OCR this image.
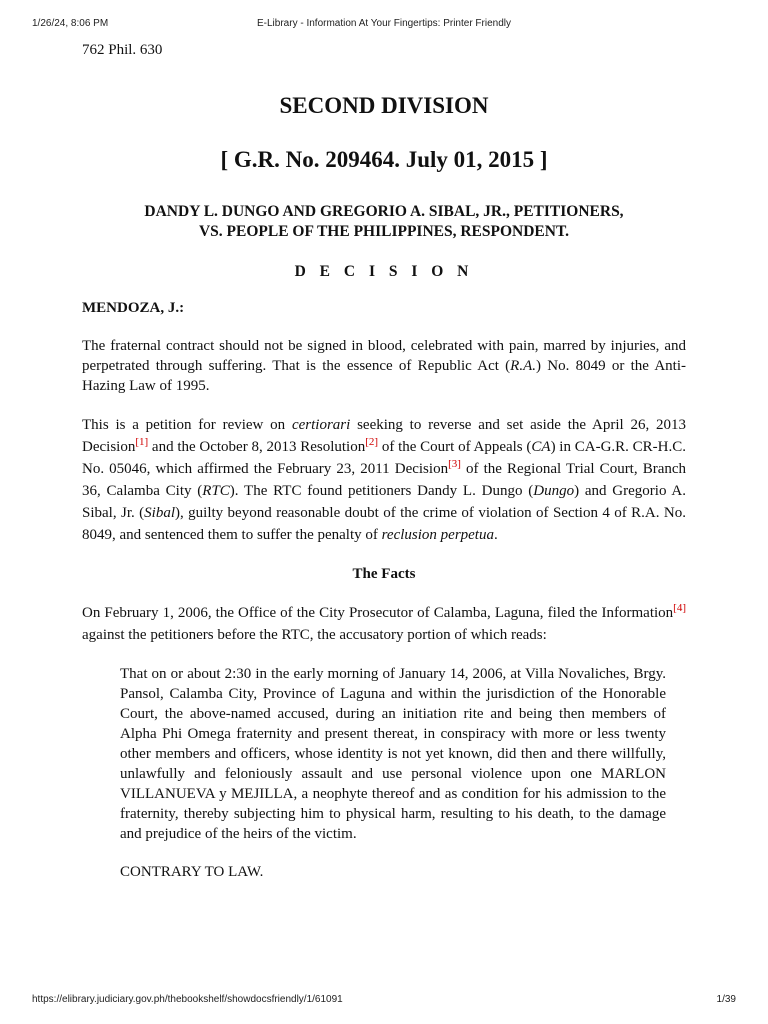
1/26/24, 8:06 PM	E-Library - Information At Your Fingertips: Printer Friendly
762 Phil. 630
SECOND DIVISION
[ G.R. No. 209464. July 01, 2015 ]
DANDY L. DUNGO AND GREGORIO A. SIBAL, JR., PETITIONERS,
VS. PEOPLE OF THE PHILIPPINES, RESPONDENT.
D E C I S I O N
MENDOZA, J.:

The fraternal contract should not be signed in blood, celebrated with pain, marred by injuries, and perpetrated through suffering. That is the essence of Republic Act (R.A.) No. 8049 or the Anti-Hazing Law of 1995.

This is a petition for review on certiorari seeking to reverse and set aside the April 26, 2013 Decision[1] and the October 8, 2013 Resolution[2] of the Court of Appeals (CA) in CA-G.R. CR-H.C. No. 05046, which affirmed the February 23, 2011 Decision[3] of the Regional Trial Court, Branch 36, Calamba City (RTC). The RTC found petitioners Dandy L. Dungo (Dungo) and Gregorio A. Sibal, Jr. (Sibal), guilty beyond reasonable doubt of the crime of violation of Section 4 of R.A. No. 8049, and sentenced them to suffer the penalty of reclusion perpetua.

The Facts

On February 1, 2006, the Office of the City Prosecutor of Calamba, Laguna, filed the Information[4] against the petitioners before the RTC, the accusatory portion of which reads:

That on or about 2:30 in the early morning of January 14, 2006, at Villa Novaliches, Brgy. Pansol, Calamba City, Province of Laguna and within the jurisdiction of the Honorable Court, the above-named accused, during an initiation rite and being then members of Alpha Phi Omega fraternity and present thereat, in conspiracy with more or less twenty other members and officers, whose identity is not yet known, did then and there willfully, unlawfully and feloniously assault and use personal violence upon one MARLON VILLANUEVA y MEJILLA, a neophyte thereof and as condition for his admission to the fraternity, thereby subjecting him to physical harm, resulting to his death, to the damage and prejudice of the heirs of the victim.
CONTRARY TO LAW.
https://elibrary.judiciary.gov.ph/thebookshelf/showdocsfriendly/1/61091	1/39
